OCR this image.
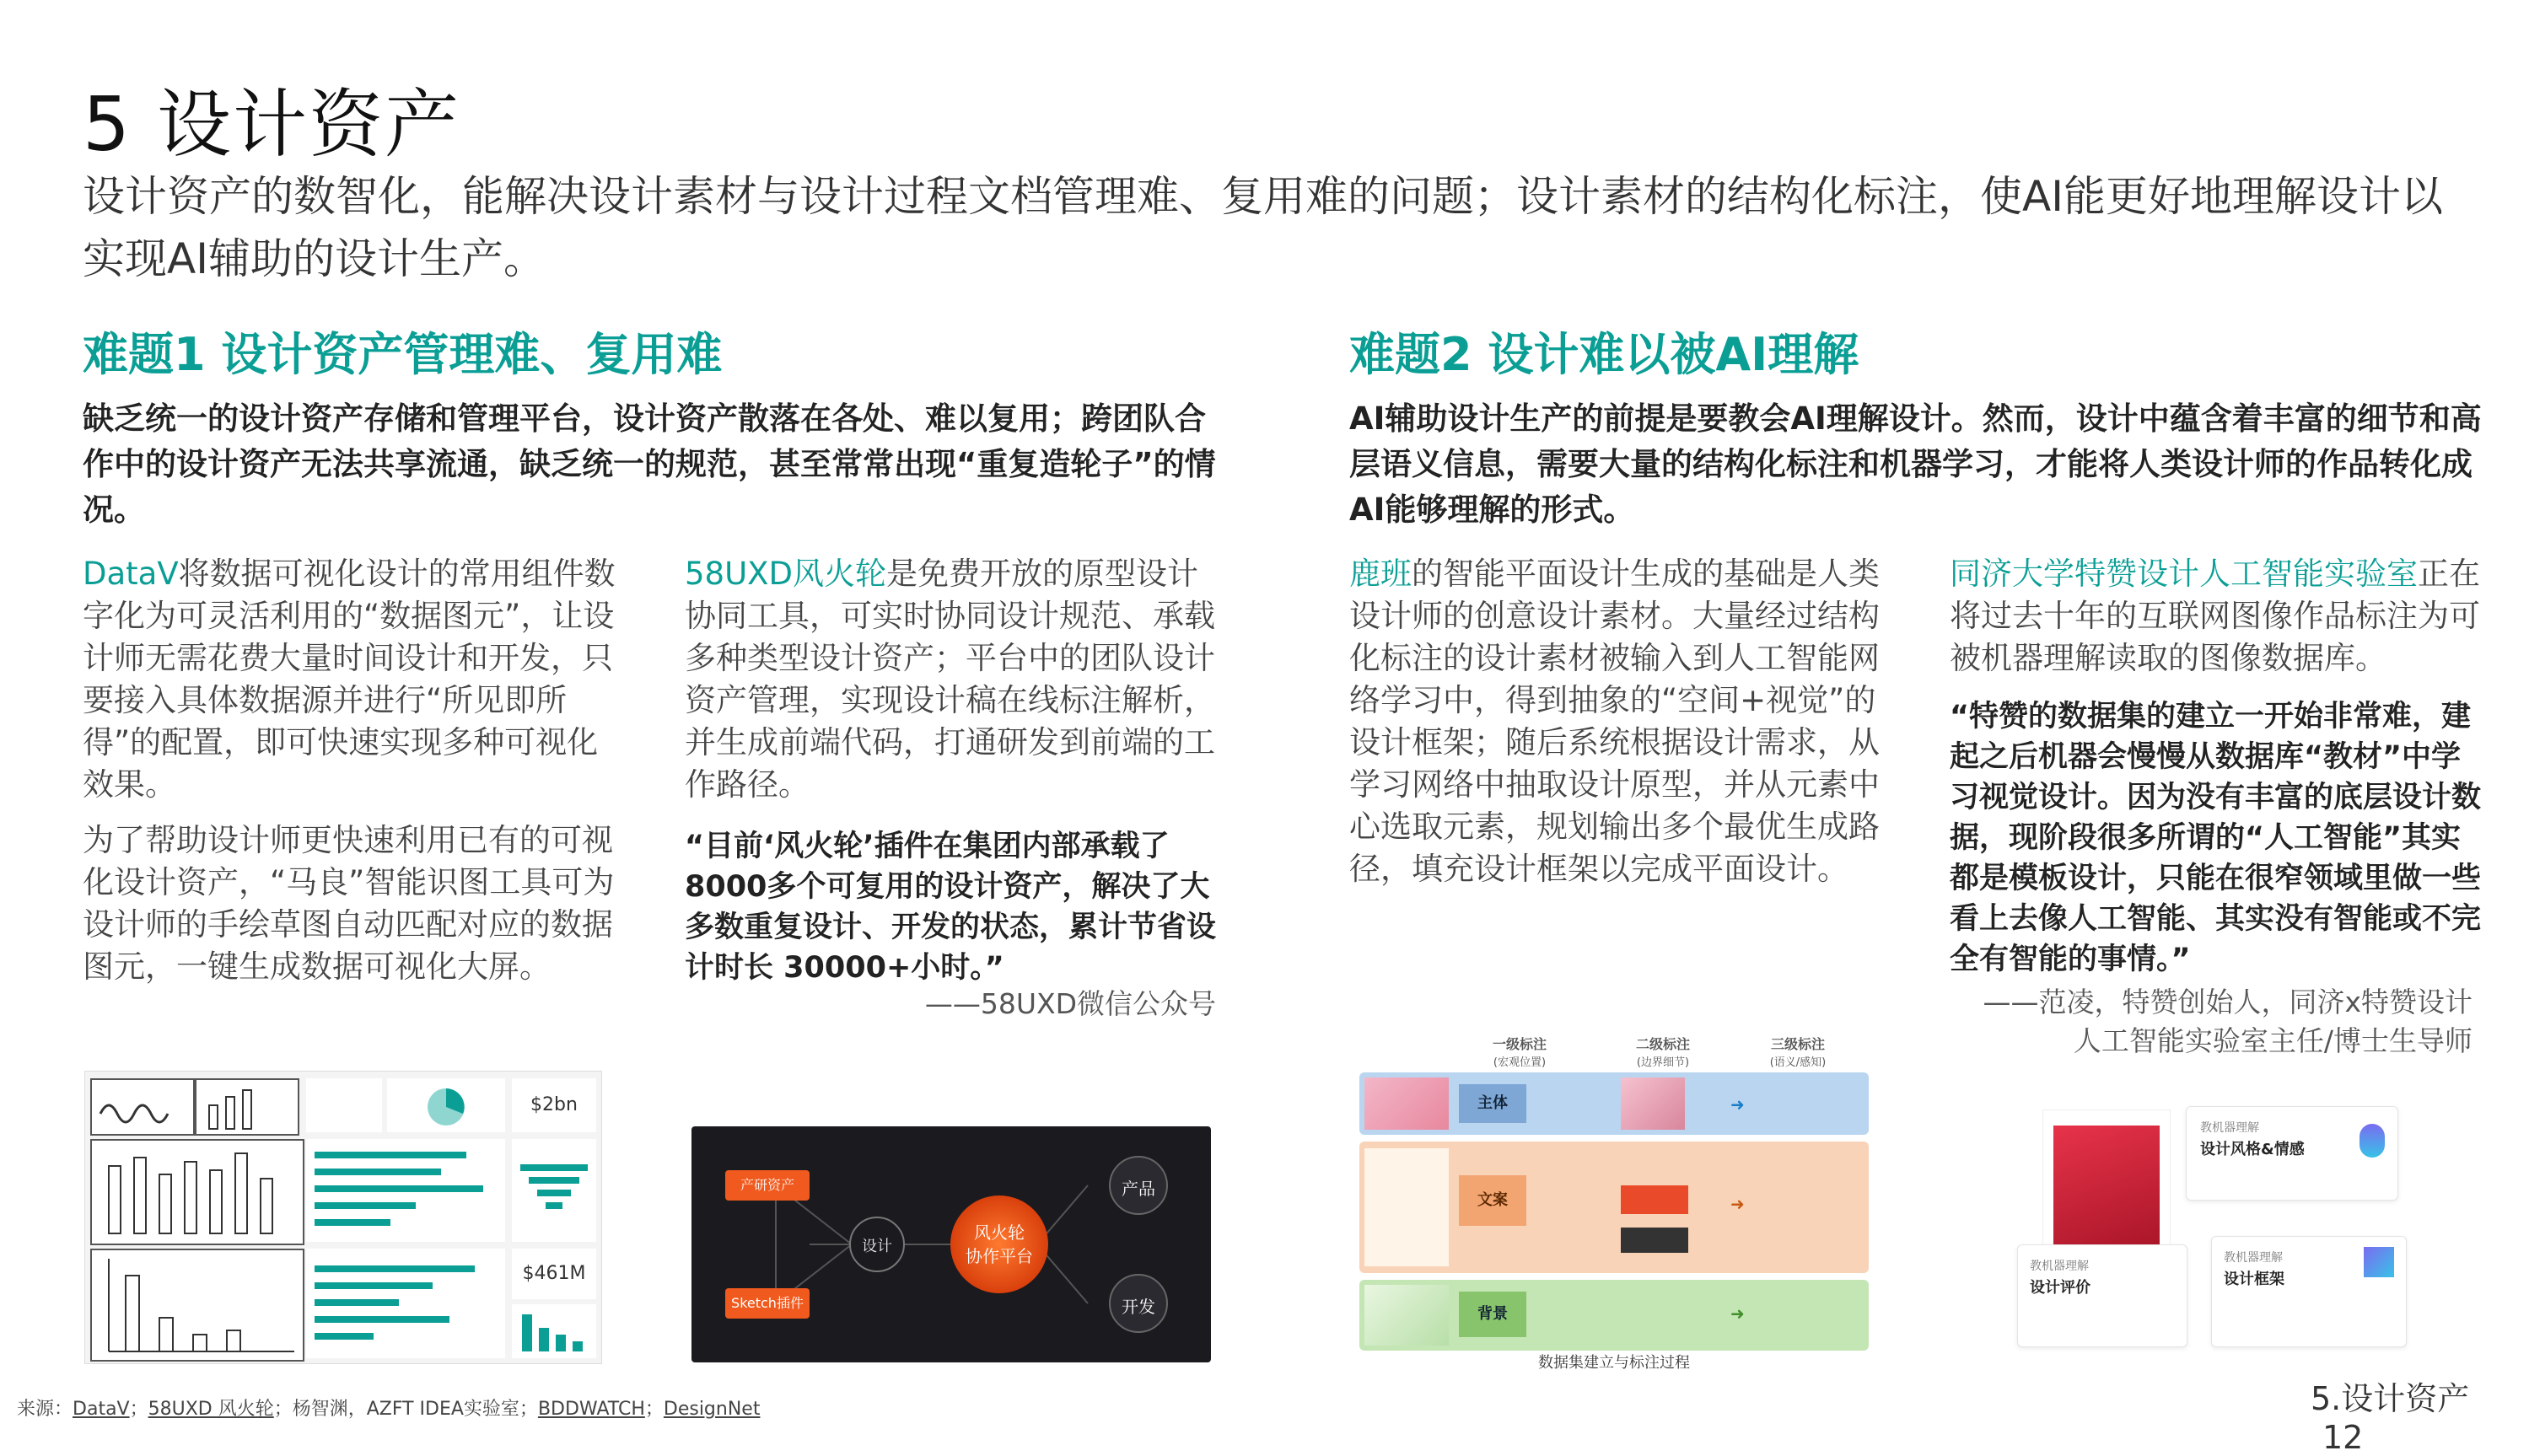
5 设计资产
设计资产的数智化，能解决设计素材与设计过程文档管理难、复用难的问题；设计素材的结构化标注，使AI能更好地理解设计以实现AI辅助的设计生产。
难题1 设计资产管理难、复用难
缺乏统一的设计资产存储和管理平台，设计资产散落在各处、难以复用；跨团队合作中的设计资产无法共享流通，缺乏统一的规范，甚至常常出现“重复造轮子”的情况。
DataV将数据可视化设计的常用组件数字化为可灵活利用的“数据图元”，让设计师无需花费大量时间设计和开发，只要接入具体数据源并进行“所见即所得”的配置，即可快速实现多种可视化效果。
为了帮助设计师更快速利用已有的可视化设计资产，“马良”智能识图工具可为设计师的手绘草图自动匹配对应的数据图元，一键生成数据可视化大屏。
58UXD风火轮是免费开放的原型设计协同工具，可实时协同设计规范、承载多种类型设计资产；平台中的团队设计资产管理，实现设计稿在线标注解析，并生成前端代码，打通研发到前端的工作路径。
“目前‘风火轮’插件在集团内部承载了8000多个可复用的设计资产，解决了大多数重复设计、开发的状态，累计节省设计时长 30000+小时。”
——58UXD微信公众号
$2bn
$461M
产研资产
Sketch插件
设计
风火轮
协作平台
产品
开发
难题2 设计难以被AI理解
AI辅助设计生产的前提是要教会AI理解设计。然而，设计中蕴含着丰富的细节和高层语义信息，需要大量的结构化标注和机器学习，才能将人类设计师的作品转化成AI能够理解的形式。
鹿班的智能平面设计生成的基础是人类设计师的创意设计素材。大量经过结构化标注的设计素材被输入到人工智能网络学习中，得到抽象的“空间+视觉”的设计框架；随后系统根据设计需求，从学习网络中抽取设计原型，并从元素中心选取元素，规划输出多个最优生成路径，填充设计框架以完成平面设计。
同济大学特赞设计人工智能实验室正在将过去十年的互联网图像作品标注为可被机器理解读取的图像数据库。
“特赞的数据集的建立一开始非常难，建起之后机器会慢慢从数据库“教材”中学习视觉设计。因为没有丰富的底层设计数据，现阶段很多所谓的“人工智能”其实都是模板设计，只能在很窄领域里做一些看上去像人工智能、其实没有智能或不完全有智能的事情。”
——范凌，特赞创始人，同济x特赞设计
人工智能实验室主任/博士生导师
一级标注
(宏观位置)
二级标注
(边界细节)
三级标注
(语义/感知)
主体	➜
文案	➜
背景	➜
数据集建立与标注过程
教机器理解
设计风格&情感
教机器理解
设计评价
教机器理解
设计框架
来源：DataV；58UXD 风火轮；杨智渊，AZFT IDEA实验室；BDDWATCH；DesignNet	5.设计资产 12
